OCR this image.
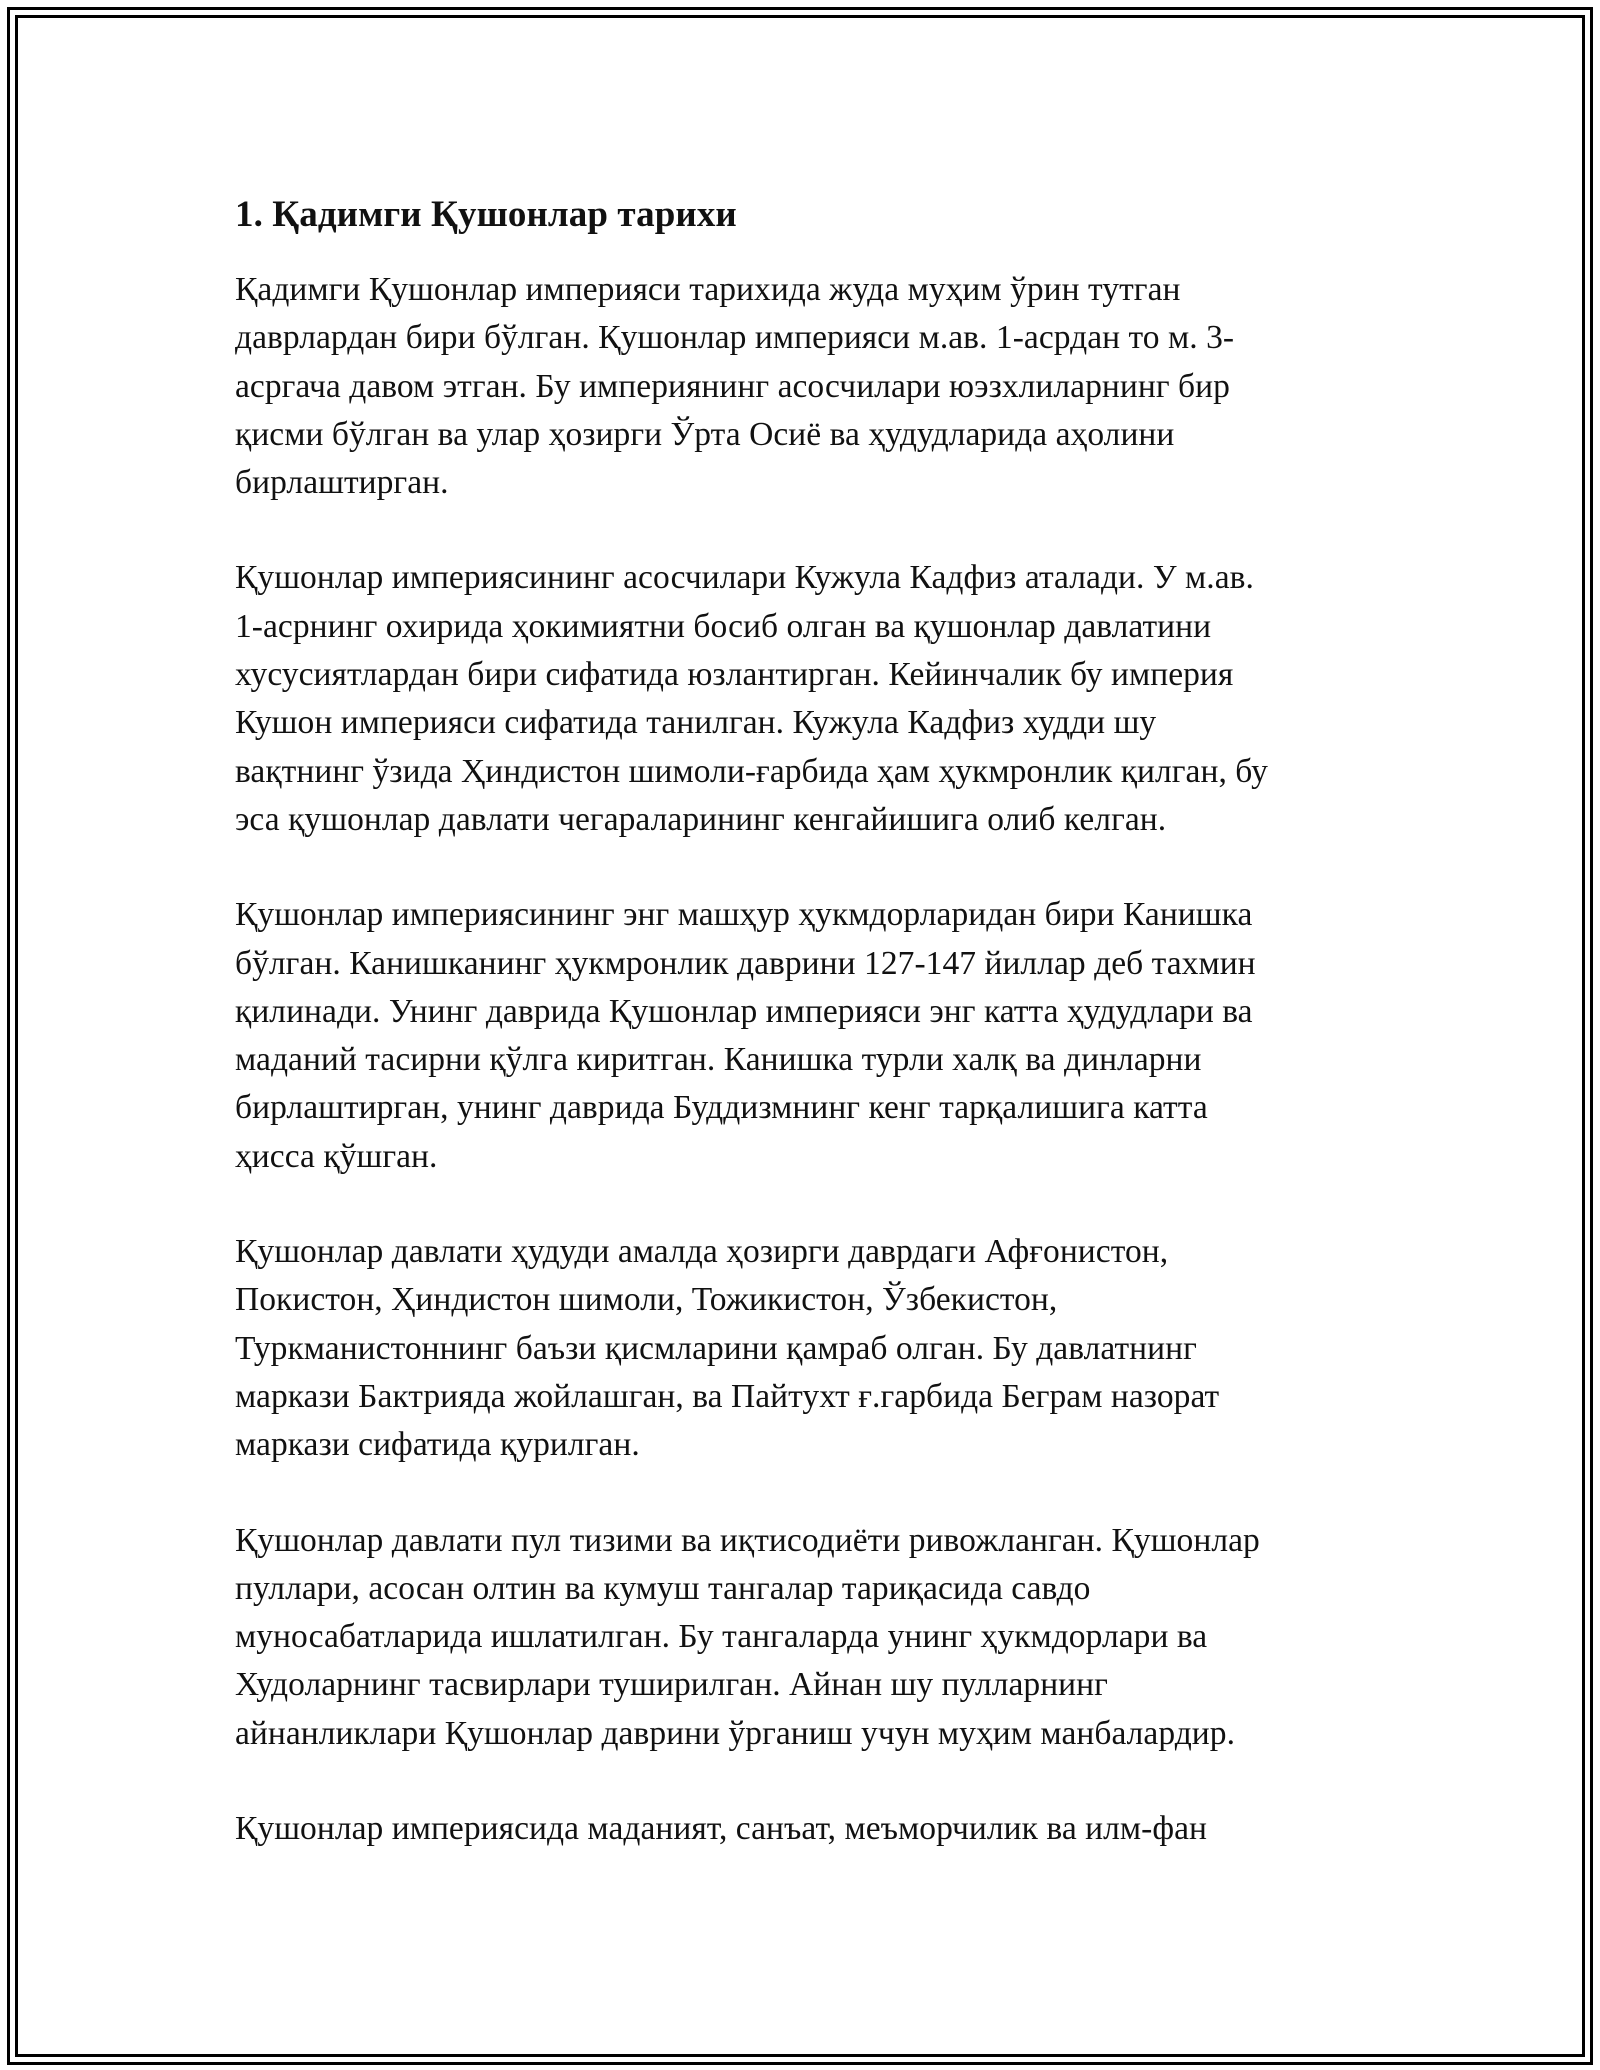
1. Қадимги Қушонлар тарихи

Қадимги Қушонлар империяси тарихида жуда муҳим ўрин тутган
даврлардан бири бўлган. Қушонлар империяси м.ав. 1-асрдан то м. 3-
асргача давом этган. Бу империянинг асосчилари юэзхлиларнинг бир
қисми бўлган ва улар ҳозирги Ўрта Осиё ва ҳудудларида аҳолини
бирлаштирган.

Қушонлар империясининг асосчилари Кужула Кадфиз аталади. У м.ав.
1-асрнинг охирида ҳокимиятни босиб олган ва қушонлар давлатини
хусусиятлардан бири сифатида юзлантирган. Кейинчалик бу империя
Кушон империяси сифатида танилган. Кужула Кадфиз худди шу
вақтнинг ўзида Ҳиндистон шимоли-ғарбида ҳам ҳукмронлик қилган, бу
эса қушонлар давлати чегараларининг кенгайишига олиб келган.

Қушонлар империясининг энг машҳур ҳукмдорларидан бири Канишка
бўлган. Канишканинг ҳукмронлик даврини 127-147 йиллар деб тахмин
қилинади. Унинг даврида Қушонлар империяси энг катта ҳудудлари ва
маданий тасирни қўлга киритган. Канишка турли халқ ва динларни
бирлаштирган, унинг даврида Буддизмнинг кенг тарқалишига катта
ҳисса қўшган.

Қушонлар давлати ҳудуди амалда ҳозирги даврдаги Афғонистон,
Покистон, Ҳиндистон шимоли, Тожикистон, Ўзбекистон,
Туркманистоннинг баъзи қисмларини қамраб олган. Бу давлатнинг
маркази Бактрияда жойлашган, ва Пайтухт ғ.гарбида Беграм назорат
маркази сифатида қурилган.

Қушонлар давлати пул тизими ва иқтисодиёти ривожланган. Қушонлар
пуллари, асосан олтин ва кумуш тангалар тариқасида савдо
муносабатларида ишлатилган. Бу тангаларда унинг ҳукмдорлари ва
Худоларнинг тасвирлари туширилган. Айнан шу пулларнинг
айнанликлари Қушонлар даврини ўрганиш учун муҳим манбалардир.

Қушонлар империясида маданият, санъат, меъморчилик ва илм-фан
